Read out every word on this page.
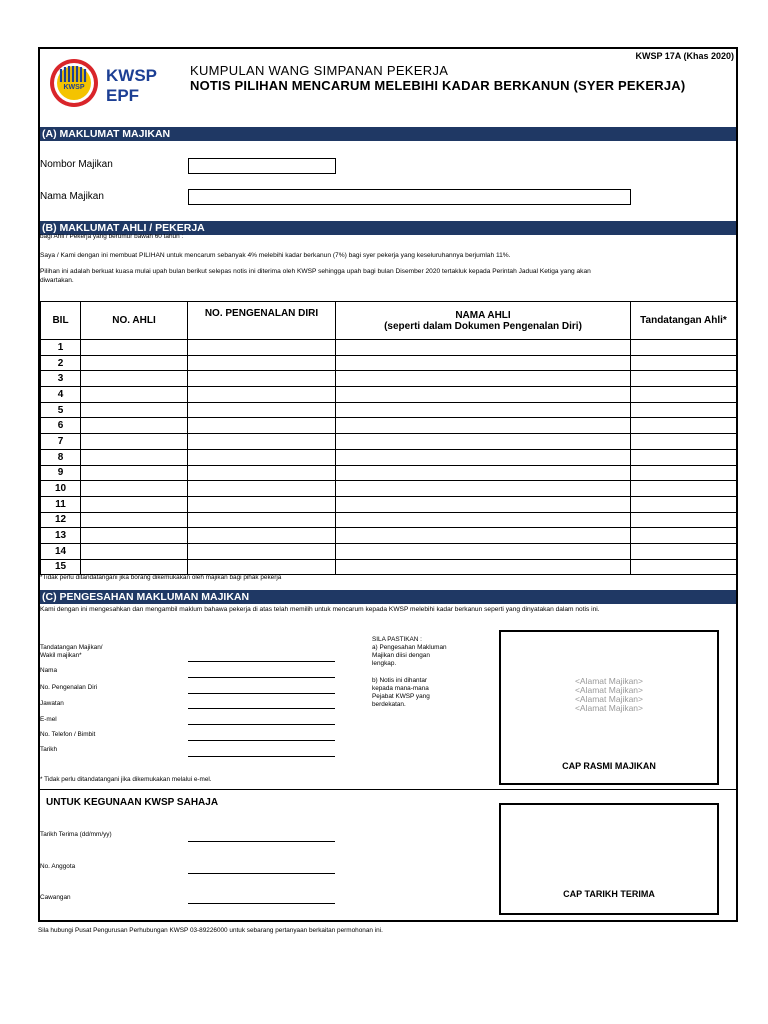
KWSP
KWSP
EPF
KWSP 17A (Khas 2020)
KUMPULAN WANG SIMPANAN PEKERJA
NOTIS PILIHAN MENCARUM MELEBIHI KADAR BERKANUN (SYER PEKERJA)
(A) MAKLUMAT MAJIKAN
Nombor Majikan
Nama Majikan
(B) MAKLUMAT AHLI / PEKERJA
bagi Ahli / Pekerja yang berumur bawah 60 tahun :
Saya / Kami dengan ini membuat PILIHAN untuk mencarum sebanyak 4% melebihi kadar berkanun (7%) bagi syer pekerja yang keseluruhannya berjumlah 11%.
Pilihan ini adalah berkuat kuasa mulai upah bulan berikut selepas notis ini diterima oleh KWSP sehingga upah bagi bulan Disember 2020 tertakluk kepada Perintah Jadual Ketiga yang akan
diwartakan.
BIL	NO. AHLI	NO. PENGENALAN DIRI	NAMA AHLI
(seperti dalam Dokumen Pengenalan Diri)	Tandatangan Ahli*
1				
2				
3				
4				
5				
6				
7				
8				
9				
10				
11				
12				
13				
14				
15				
*Tidak perlu ditandatangani jika borang dikemukakan oleh majikan bagi pihak pekerja
(C) PENGESAHAN MAKLUMAN MAJIKAN
Kami dengan ini mengesahkan dan mengambil maklum bahawa pekerja di atas telah memilih untuk mencarum kepada KWSP melebihi kadar berkanun seperti yang dinyatakan dalam notis ini.
Tandatangan Majikan/
Wakil majikan*
Nama
No. Pengenalan Diri
Jawatan
E-mel
No. Telefon / Bimbit
Tarikh
SILA PASTIKAN :
a) Pengesahan Makluman
Majikan diisi dengan
lengkap.
b) Notis ini dihantar
kepada mana-mana
Pejabat KWSP yang
berdekatan.
<Alamat Majikan>
<Alamat Majikan>
<Alamat Majikan>
<Alamat Majikan>
CAP RASMI MAJIKAN
* Tidak perlu ditandatangani jika dikemukakan melalui e-mel.
UNTUK KEGUNAAN KWSP SAHAJA
Tarikh Terima (dd/mm/yy)
No. Anggota
Cawangan	CAP TARIKH TERIMA
Sila hubungi Pusat Pengurusan Perhubungan KWSP 03-89226000 untuk sebarang pertanyaan berkaitan permohonan ini.
